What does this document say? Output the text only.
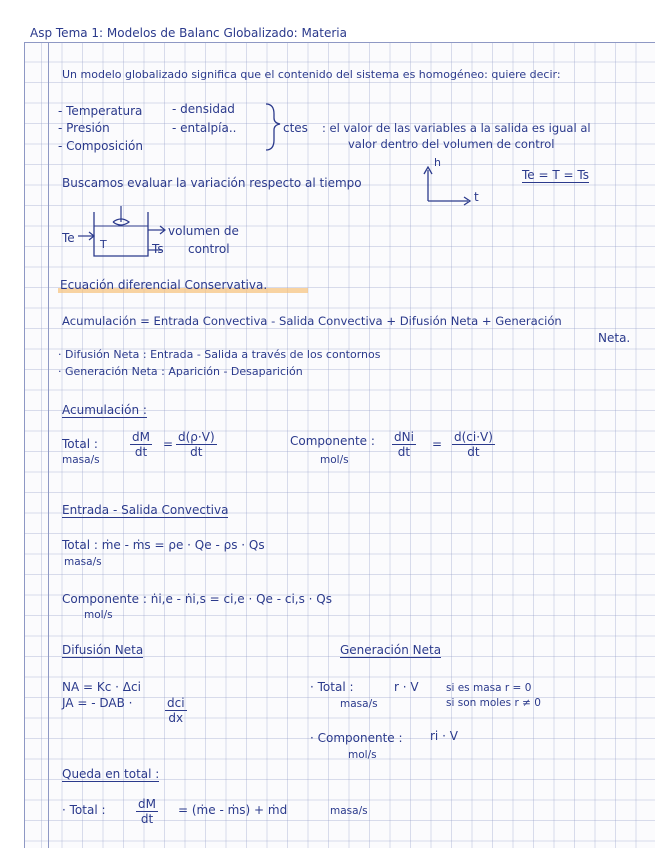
Asp Tema 1: Modelos de Balanc Globalizado: Materia
Un modelo globalizado significa que el contenido del sistema es homogéneo: quiere decir:
- Temperatura
- Presión
- Composición
- densidad
- entalpía..	ctes : el valor de las variables a la salida es igual al
valor dentro del volumen de control
Buscamos evaluar la variación respecto al tiempo
h
t
Te = T = Ts
Te T	Ts
volumen de
control
Ecuación diferencial Conservativa.
Acumulación = Entrada Convectiva - Salida Convectiva + Difusión Neta + Generación
Neta.
· Difusión Neta : Entrada - Salida a través de los contornos
· Generación Neta : Aparición - Desaparición
Acumulación :
Total :
masa/s
$\frac{dM}{dt} = \frac{d(\rho\cdot V)}{dt}$	Componente :
mol/s
dNi
dt
= $\frac{d(ci\cdot V)}{dt}$
Entrada - Salida Convectiva
Total : ṁe - ṁs = ρe · Qe - ρs · Qs
masa/s
Componente : ṅi,e - ṅi,s = ci,e · Qe - ci,s · Qs
mol/s
Difusión Neta
NA = Kc · Δci
JA = - DAB ·	dci
dx
Generación Neta
· Total :	r · V
masa/s
si es masa r = 0
si son moles r ≠ 0
· Componente : ri · V
mol/s
Queda en total :
· Total :	$\frac{dM}{dt}$ = (ṁe - ṁs) + ṁd	masa/s
